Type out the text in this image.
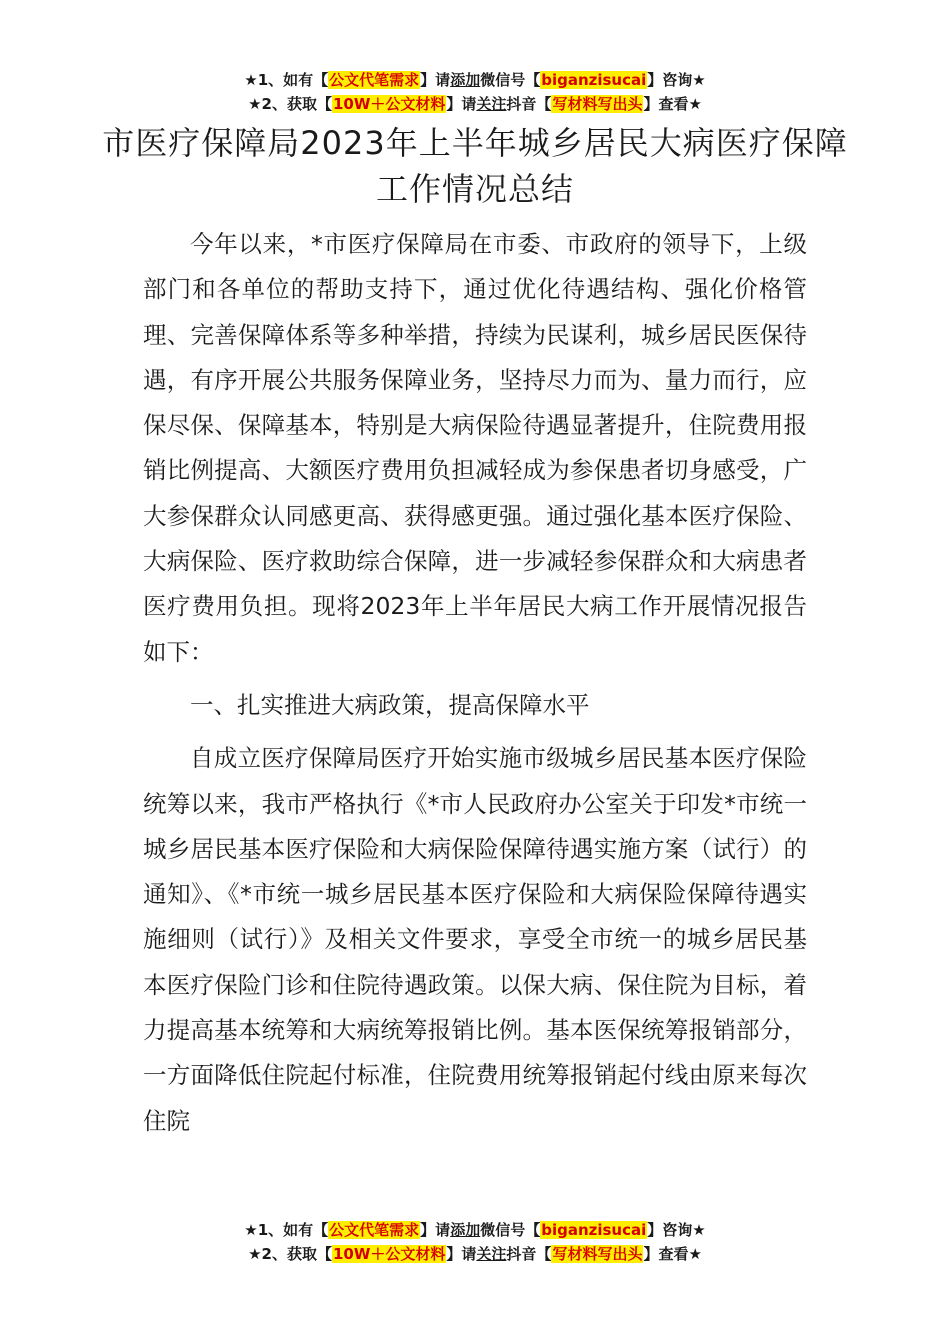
★1、如有【公文代笔需求】请添加微信号【biganzisucai】咨询★
★2、获取【10W＋公文材料】请关注抖音【写材料写出头】查看★
市医疗保障局2023年上半年城乡居民大病医疗保障工作情况总结

今年以来，*市医疗保障局在市委、市政府的领导下，上级部门和各单位的帮助支持下，通过优化待遇结构、强化价格管理、完善保障体系等多种举措，持续为民谋利，城乡居民医保待遇，有序开展公共服务保障业务，坚持尽力而为、量力而行，应保尽保、保障基本，特别是大病保险待遇显著提升，住院费用报销比例提高、大额医疗费用负担减轻成为参保患者切身感受，广大参保群众认同感更高、获得感更强。通过强化基本医疗保险、大病保险、医疗救助综合保障，进一步减轻参保群众和大病患者医疗费用负担。现将2023年上半年居民大病工作开展情况报告如下：

一、扎实推进大病政策，提高保障水平

自成立医疗保障局医疗开始实施市级城乡居民基本医疗保险统筹以来，我市严格执行《*市人民政府办公室关于印发*市统一城乡居民基本医疗保险和大病保险保障待遇实施方案（试行）的通知》、《*市统一城乡居民基本医疗保险和大病保险保障待遇实施细则（试行）》及相关文件要求，享受全市统一的城乡居民基本医疗保险门诊和住院待遇政策。以保大病、保住院为目标，着力提高基本统筹和大病统筹报销比例。基本医保统筹报销部分，一方面降低住院起付标准，住院费用统筹报销起付线由原来每次住院

★1、如有【公文代笔需求】请添加微信号【biganzisucai】咨询★
★2、获取【10W＋公文材料】请关注抖音【写材料写出头】查看★
